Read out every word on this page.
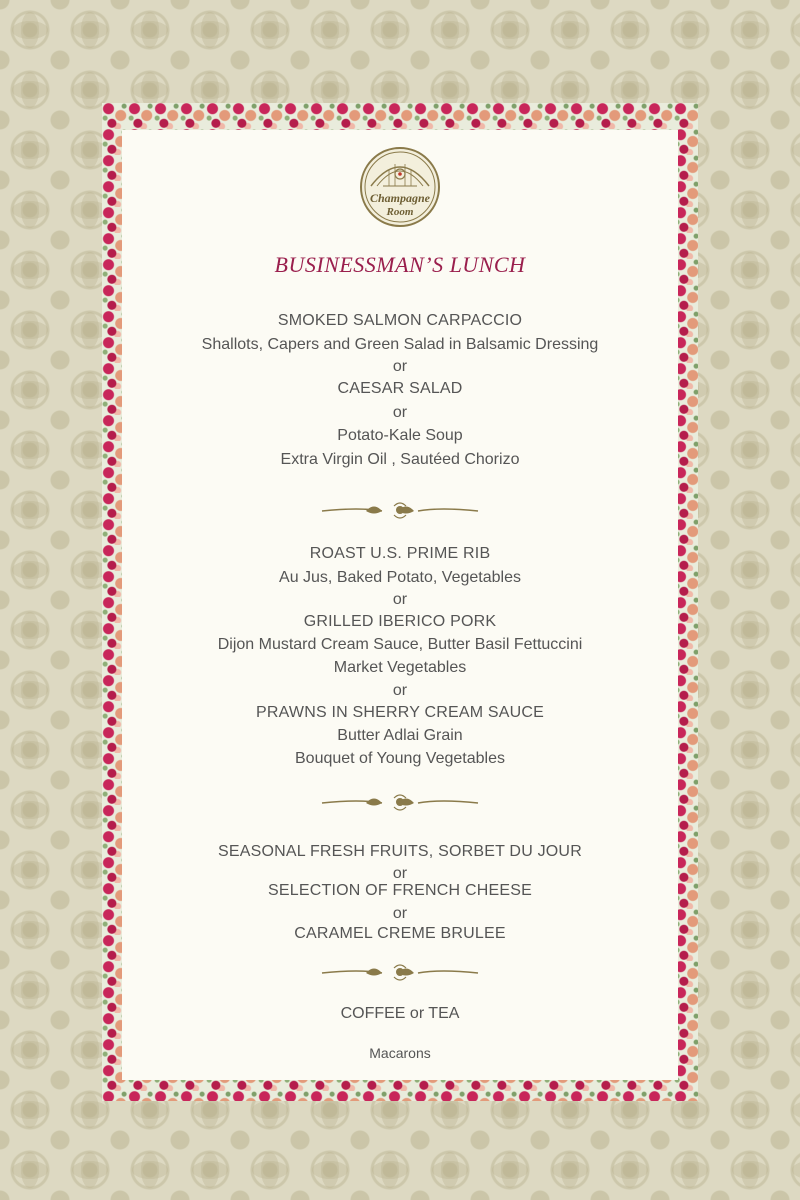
Champagne
Room
BUSINESSMAN’S LUNCH
SMOKED SALMON CARPACCIO
Shallots, Capers and Green Salad in Balsamic Dressing
or
CAESAR SALAD
or
Potato-Kale Soup
Extra Virgin Oil , Sautéed Chorizo
ROAST U.S. PRIME RIB
Au Jus, Baked Potato, Vegetables
or
GRILLED IBERICO PORK
Dijon Mustard Cream Sauce, Butter Basil Fettuccini
Market Vegetables
or
PRAWNS IN SHERRY CREAM SAUCE
Butter Adlai Grain
Bouquet of Young Vegetables
SEASONAL FRESH FRUITS, SORBET DU JOUR
or
SELECTION OF FRENCH CHEESE
or
CARAMEL CREME BRULEE
COFFEE or TEA
Macarons
